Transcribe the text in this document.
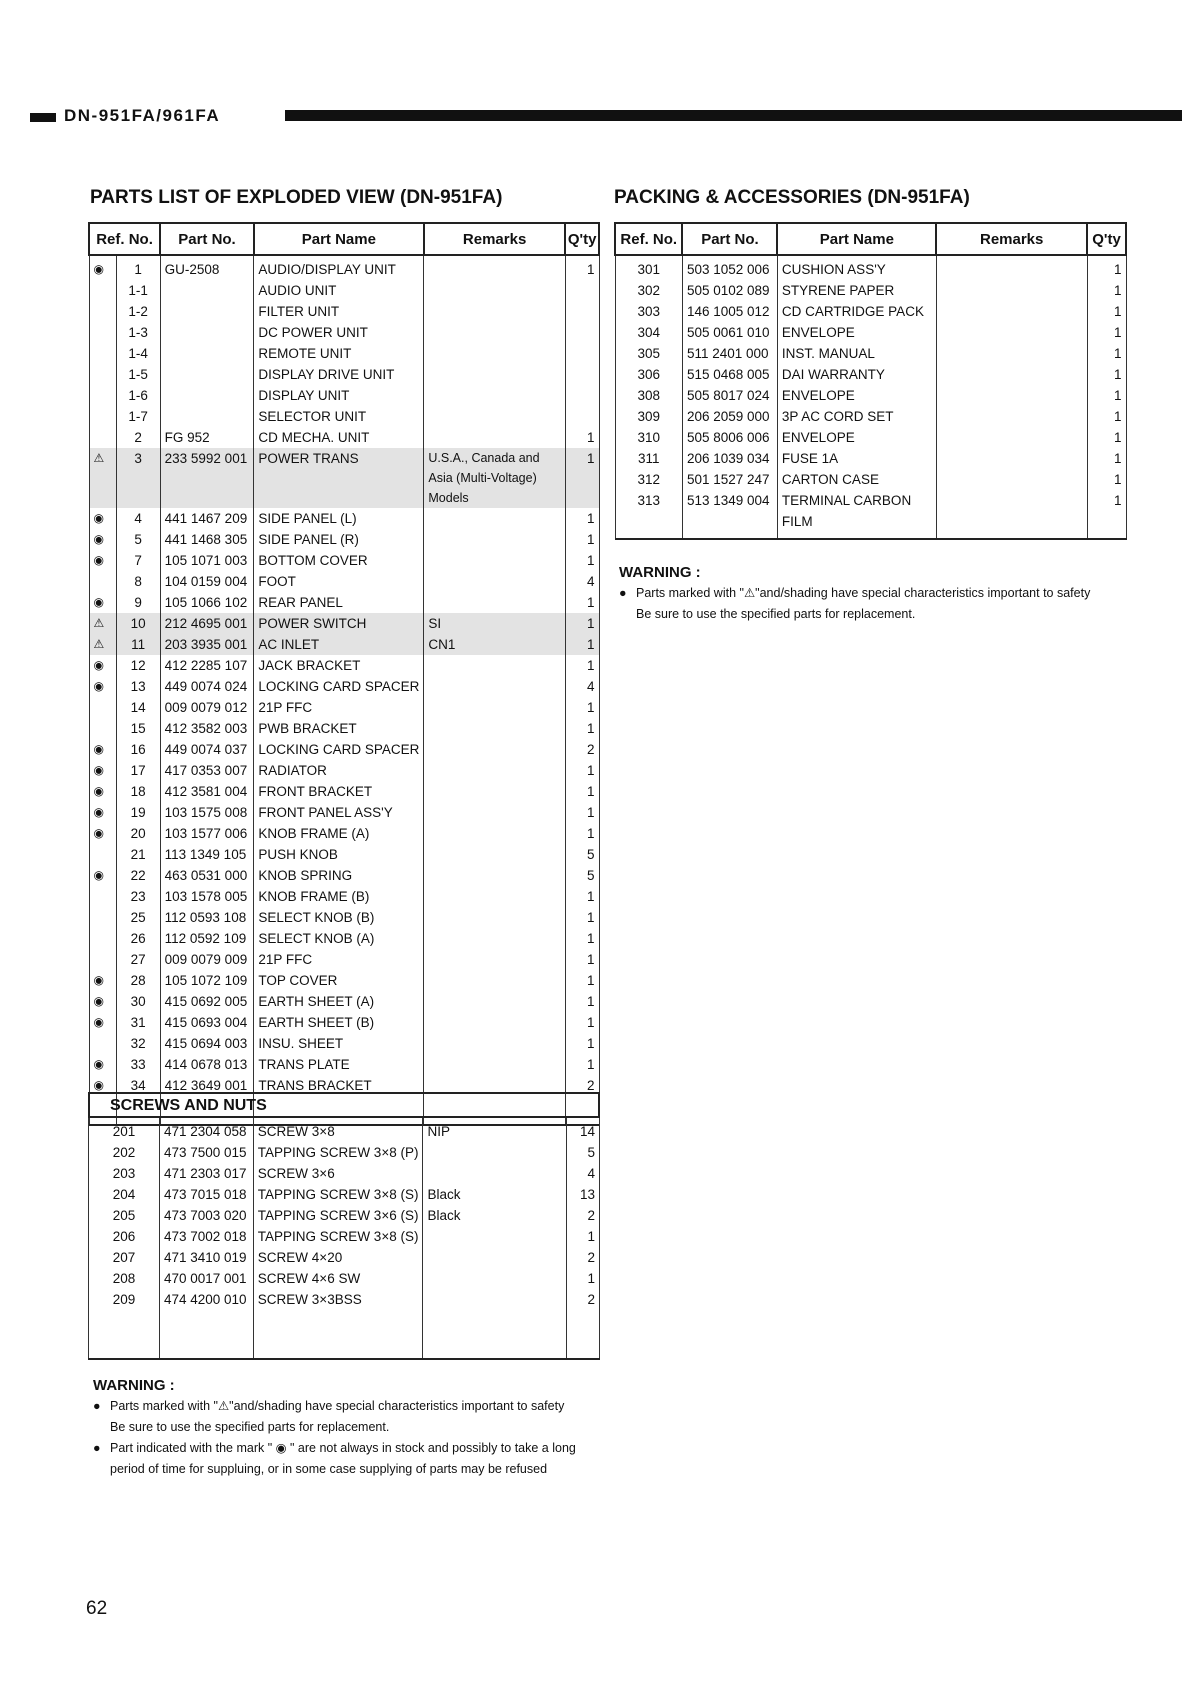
DN-951FA/961FA
PARTS LIST OF EXPLODED VIEW (DN-951FA)	PACKING & ACCESSORIES (DN-951FA)
Ref. No.		Part No.	Part Name	Remarks	Q'ty
◉	1	GU-2508	AUDIO/DISPLAY UNIT		1
	1-1		AUDIO UNIT		
	1-2		FILTER UNIT		
	1-3		DC POWER UNIT		
	1-4		REMOTE UNIT		
	1-5		DISPLAY DRIVE UNIT		
	1-6		DISPLAY UNIT		
	1-7		SELECTOR UNIT		
	2	FG 952	CD MECHA. UNIT		1
⚠	3	233 5992 001	POWER TRANS	U.S.A., Canada and Asia (Multi-Voltage) Models	1
◉	4	441 1467 209	SIDE PANEL (L)		1
◉	5	441 1468 305	SIDE PANEL (R)		1
◉	7	105 1071 003	BOTTOM COVER		1
	8	104 0159 004	FOOT		4
◉	9	105 1066 102	REAR PANEL		1
⚠	10	212 4695 001	POWER SWITCH	SI	1
⚠	11	203 3935 001	AC INLET	CN1	1
◉	12	412 2285 107	JACK BRACKET		1
◉	13	449 0074 024	LOCKING CARD SPACER		4
	14	009 0079 012	21P FFC		1
	15	412 3582 003	PWB BRACKET		1
◉	16	449 0074 037	LOCKING CARD SPACER		2
◉	17	417 0353 007	RADIATOR		1
◉	18	412 3581 004	FRONT BRACKET		1
◉	19	103 1575 008	FRONT PANEL ASS'Y		1
◉	20	103 1577 006	KNOB FRAME (A)		1
	21	113 1349 105	PUSH KNOB		5
◉	22	463 0531 000	KNOB SPRING		5
	23	103 1578 005	KNOB FRAME (B)		1
	25	112 0593 108	SELECT KNOB (B)		1
	26	112 0592 109	SELECT KNOB (A)		1
	27	009 0079 009	21P FFC		1
◉	28	105 1072 109	TOP COVER		1
◉	30	415 0692 005	EARTH SHEET (A)		1
◉	31	415 0693 004	EARTH SHEET (B)		1
	32	415 0694 003	INSU. SHEET		1
◉	33	414 0678 013	TRANS PLATE		1
◉	34	412 3649 001	TRANS BRACKET		2

SCREWS AND NUTS
201	471 2304 058	SCREW 3×8	NIP	14
202	473 7500 015	TAPPING SCREW 3×8 (P)		5
203	471 2303 017	SCREW 3×6		4
204	473 7015 018	TAPPING SCREW 3×8 (S)	Black	13
205	473 7003 020	TAPPING SCREW 3×6 (S)	Black	2
206	473 7002 018	TAPPING SCREW 3×8 (S)		1
207	471 3410 019	SCREW 4×20		2
208	470 0017 001	SCREW 4×6 SW		1
209	474 4200 010	SCREW 3×3BSS		2

Ref. No.	Part No.	Part Name	Remarks	Q'ty
301	503 1052 006	CUSHION ASS'Y		1
302	505 0102 089	STYRENE PAPER		1
303	146 1005 012	CD CARTRIDGE PACK		1
304	505 0061 010	ENVELOPE		1
305	511 2401 000	INST. MANUAL		1
306	515 0468 005	DAI WARRANTY		1
308	505 8017 024	ENVELOPE		1
309	206 2059 000	3P AC CORD SET		1
310	505 8006 006	ENVELOPE		1
311	206 1039 034	FUSE 1A		1
312	501 1527 247	CARTON CASE		1
313	513 1349 004	TERMINAL CARBON FILM		1

WARNING :
● Parts marked with "⚠"and/shading have special characteristics important to safety
Be sure to use the specified parts for replacement.
WARNING :
● Parts marked with "⚠"and/shading have special characteristics important to safety
Be sure to use the specified parts for replacement.
● Part indicated with the mark " ◉ " are not always in stock and possibly to take a long
period of time for suppluing, or in some case supplying of parts may be refused
62
